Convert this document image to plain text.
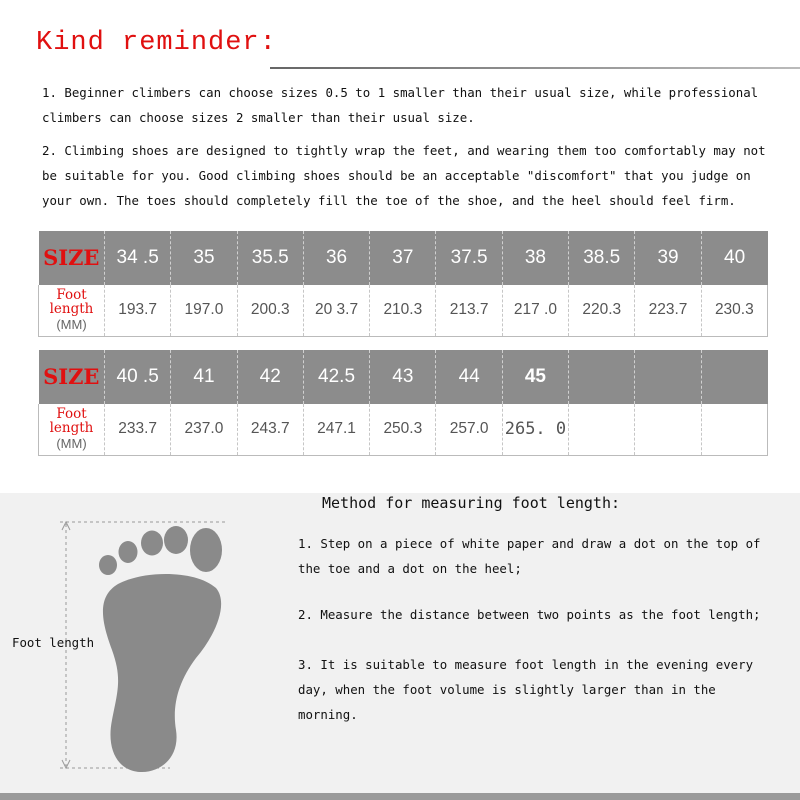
Kind reminder:
1. Beginner climbers can choose sizes 0.5 to 1 smaller than their usual size, while professional climbers can choose sizes 2 smaller than their usual size.
2. Climbing shoes are designed to tightly wrap the feet, and wearing them too comfortably may not be suitable for you. Good climbing shoes should be an acceptable "discomfort" that you judge on your own. The toes should completely fill the toe of the shoe, and the heel should feel firm.
SIZE	34 .5	35	35.5	36	37	37.5	38	38.5	39	40

Foot
length
(MM)	193.7	197.0	200.3	20 3.7	210.3	213.7	217 .0	220.3	223.7	230.3
SIZE	40 .5	41	42	42.5	43	44	45			

Foot
length
(MM)	233.7	237.0	243.7	247.1	250.3	257.0	265. 0			
Foot length
Method for measuring foot length:
1. Step on a piece of white paper and draw a dot on the top of the toe and a dot on the heel;
2. Measure the distance between two points as the foot length;
3. It is suitable to measure foot length in the evening every day, when the foot volume is slightly larger than in the morning.
